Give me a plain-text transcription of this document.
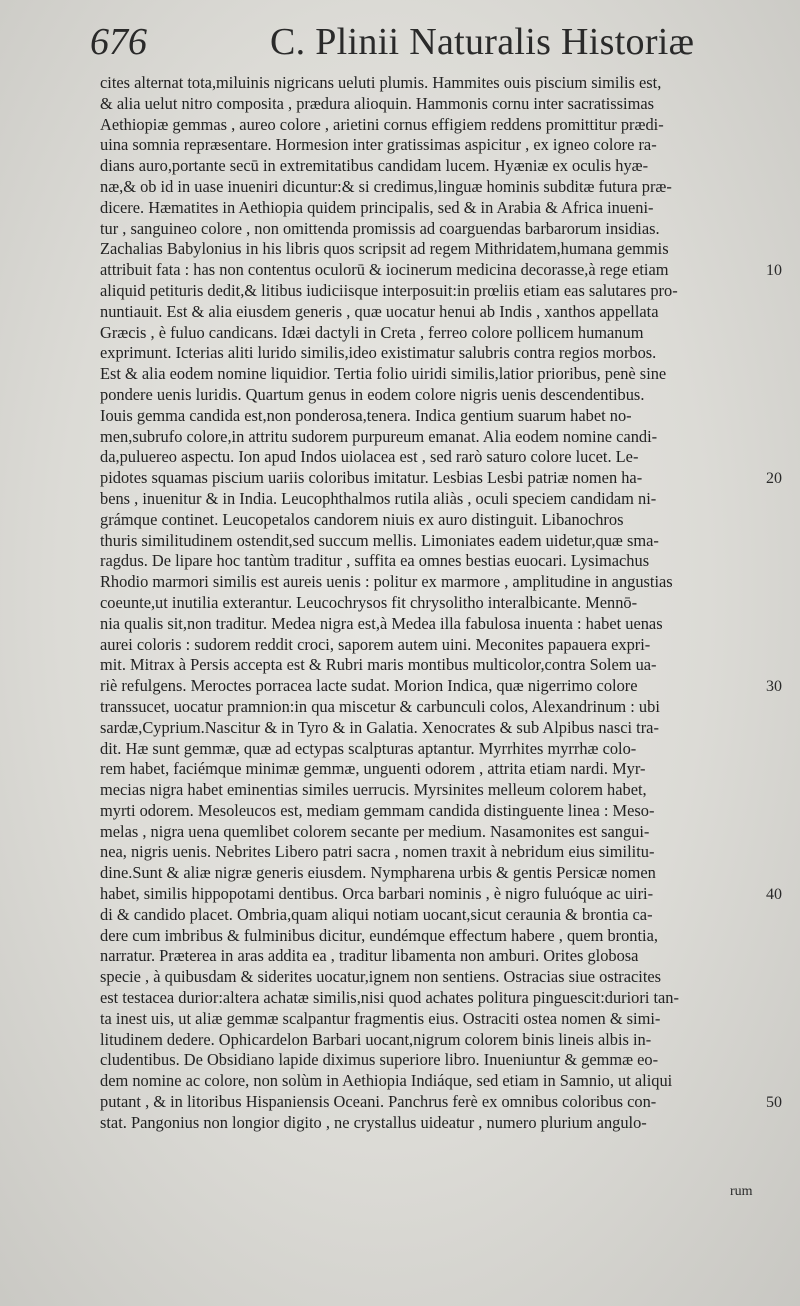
676	C. Plinii Naturalis Historiæ
cites alternat tota,miluinis nigricans ueluti plumis. Hammites ouis piscium similis est,
& alia uelut nitro composita , prædura alioquin. Hammonis cornu inter sacratissimas
Aethiopiæ gemmas , aureo colore , arietini cornus effigiem reddens promittitur prædi-
uina somnia repræsentare. Hormesion inter gratissimas aspicitur , ex igneo colore ra-
dians auro,portante secū in extremitatibus candidam lucem. Hyæniæ ex oculis hyæ-
næ,& ob id in uase inueniri dicuntur:& si credimus,linguæ hominis subditæ futura præ-
dicere. Hæmatites in Aethiopia quidem principalis, sed & in Arabia & Africa inueni-
tur , sanguineo colore , non omittenda promissis ad coarguendas barbarorum insidias.
Zachalias Babylonius in his libris quos scripsit ad regem Mithridatem,humana gemmis
attribuit fata : has non contentus oculorū & iocinerum medicina decorasse,à rege etiam
aliquid petituris dedit,& litibus iudiciisque interposuit:in prœliis etiam eas salutares pro-
nuntiauit. Est & alia eiusdem generis , quæ uocatur henui ab Indis , xanthos appellata
Græcis , è fuluo candicans. Idæi dactyli in Creta , ferreo colore pollicem humanum
exprimunt. Icterias aliti lurido similis,ideo existimatur salubris contra regios morbos.
Est & alia eodem nomine liquidior. Tertia folio uiridi similis,latior prioribus, penè sine
pondere uenis luridis. Quartum genus in eodem colore nigris uenis descendentibus.
Iouis gemma candida est,non ponderosa,tenera. Indica gentium suarum habet no-
men,subrufo colore,in attritu sudorem purpureum emanat. Alia eodem nomine candi-
da,puluereo aspectu. Ion apud Indos uiolacea est , sed rarò saturo colore lucet. Le-
pidotes squamas piscium uariis coloribus imitatur. Lesbias Lesbi patriæ nomen ha-
bens , inuenitur & in India. Leucophthalmos rutila aliàs , oculi speciem candidam ni-
grámque continet. Leucopetalos candorem niuis ex auro distinguit. Libanochros
thuris similitudinem ostendit,sed succum mellis. Limoniates eadem uidetur,quæ sma-
ragdus. De lipare hoc tantùm traditur , suffita ea omnes bestias euocari. Lysimachus
Rhodio marmori similis est aureis uenis : politur ex marmore , amplitudine in angustias
coeunte,ut inutilia exterantur. Leucochrysos fit chrysolitho interalbicante. Mennō-
nia qualis sit,non traditur. Medea nigra est,à Medea illa fabulosa inuenta : habet uenas
aurei coloris : sudorem reddit croci, saporem autem uini. Meconites papauera expri-
mit. Mitrax à Persis accepta est & Rubri maris montibus multicolor,contra Solem ua-
riè refulgens. Meroctes porracea lacte sudat. Morion Indica, quæ nigerrimo colore
transsucet, uocatur pramnion:in qua miscetur & carbunculi colos, Alexandrinum : ubi
sardæ,Cyprium.Nascitur & in Tyro & in Galatia. Xenocrates & sub Alpibus nasci tra-
dit. Hæ sunt gemmæ, quæ ad ectypas scalpturas aptantur. Myrrhites myrrhæ colo-
rem habet, faciémque minimæ gemmæ, unguenti odorem , attrita etiam nardi. Myr-
mecias nigra habet eminentias similes uerrucis. Myrsinites melleum colorem habet,
myrti odorem. Mesoleucos est, mediam gemmam candida distinguente linea : Meso-
melas , nigra uena quemlibet colorem secante per medium. Nasamonites est sangui-
nea, nigris uenis. Nebrites Libero patri sacra , nomen traxit à nebridum eius similitu-
dine.Sunt & aliæ nigræ generis eiusdem. Nympharena urbis & gentis Persicæ nomen
habet, similis hippopotami dentibus. Orca barbari nominis , è nigro fuluóque ac uiri-
di & candido placet. Ombria,quam aliqui notiam uocant,sicut ceraunia & brontia ca-
dere cum imbribus & fulminibus dicitur, eundémque effectum habere , quem brontia,
narratur. Præterea in aras addita ea , traditur libamenta non amburi. Orites globosa
specie , à quibusdam & siderites uocatur,ignem non sentiens. Ostracias siue ostracites
est testacea durior:altera achatæ similis,nisi quod achates politura pinguescit:duriori tan-
ta inest uis, ut aliæ gemmæ scalpantur fragmentis eius. Ostraciti ostea nomen & simi-
litudinem dedere. Ophicardelon Barbari uocant,nigrum colorem binis lineis albis in-
cludentibus. De Obsidiano lapide diximus superiore libro. Inueniuntur & gemmæ eo-
dem nomine ac colore, non solùm in Aethiopia Indiáque, sed etiam in Samnio, ut aliqui
putant , & in litoribus Hispaniensis Oceani. Panchrus ferè ex omnibus coloribus con-
stat. Pangonius non longior digito , ne crystallus uideatur , numero plurium angulo-
10
20
30
40
50
rum
